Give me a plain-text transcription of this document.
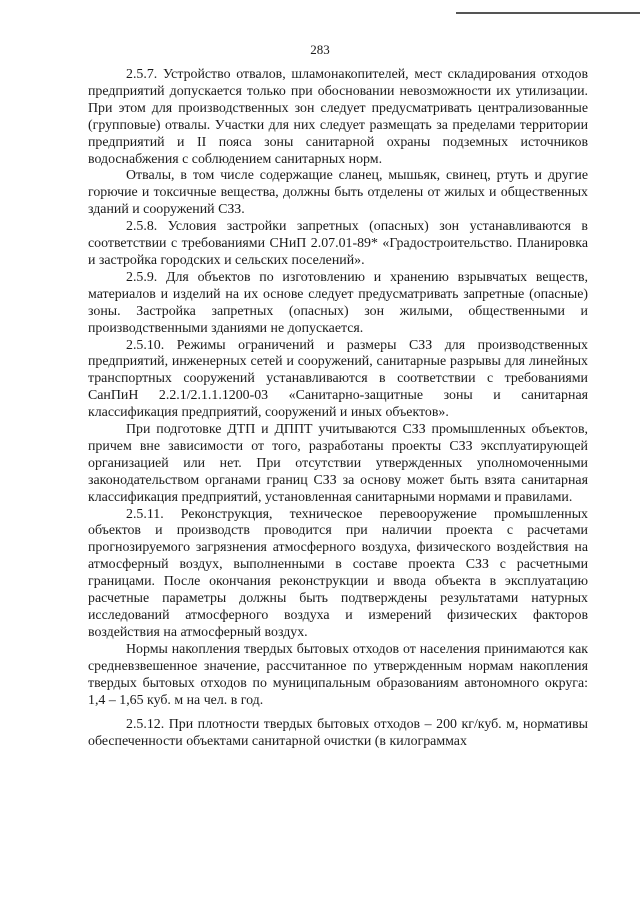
283

2.5.7. Устройство отвалов, шламонакопителей, мест складирования отходов предприятий допускается только при обосновании невозможности их утилизации. При этом для производственных зон следует предусматривать централизованные (групповые) отвалы. Участки для них следует размещать за пределами территории предприятий и II пояса зоны санитарной охраны подземных источников водоснабжения с соблюдением санитарных норм.

Отвалы, в том числе содержащие сланец, мышьяк, свинец, ртуть и другие горючие и токсичные вещества, должны быть отделены от жилых и общественных зданий и сооружений СЗЗ.

2.5.8. Условия застройки запретных (опасных) зон устанавливаются в соответствии с требованиями СНиП 2.07.01-89* «Градостроительство. Планировка и застройка городских и сельских поселений».

2.5.9. Для объектов по изготовлению и хранению взрывчатых веществ, материалов и изделий на их основе следует предусматривать запретные (опасные) зоны. Застройка запретных (опасных) зон жилыми, общественными и производственными зданиями не допускается.

2.5.10. Режимы ограничений и размеры СЗЗ для производственных предприятий, инженерных сетей и сооружений, санитарные разрывы для линейных транспортных сооружений устанавливаются в соответствии с требованиями СанПиН 2.2.1/2.1.1.1200-03 «Санитарно-защитные зоны и санитарная классификация предприятий, сооружений и иных объектов».

При подготовке ДТП и ДППТ учитываются СЗЗ промышленных объектов, причем вне зависимости от того, разработаны проекты СЗЗ эксплуатирующей организацией или нет. При отсутствии утвержденных уполномоченными законодательством органами границ СЗЗ за основу может быть взята санитарная классификация предприятий, установленная санитарными нормами и правилами.

2.5.11. Реконструкция, техническое перевооружение промышленных объектов и производств проводится при наличии проекта с расчетами прогнозируемого загрязнения атмосферного воздуха, физического воздействия на атмосферный воздух, выполненными в составе проекта СЗЗ с расчетными границами. После окончания реконструкции и ввода объекта в эксплуатацию расчетные параметры должны быть подтверждены результатами натурных исследований атмосферного воздуха и измерений физических факторов воздействия на атмосферный воздух.

Нормы накопления твердых бытовых отходов от населения принимаются как средневзвешенное значение, рассчитанное по утвержденным нормам накопления твердых бытовых отходов по муниципальным образованиям автономного округа: 1,4 – 1,65 куб. м на чел. в год.

2.5.12. При плотности твердых бытовых отходов – 200 кг/куб. м, нормативы обеспеченности объектами санитарной очистки (в килограммах
